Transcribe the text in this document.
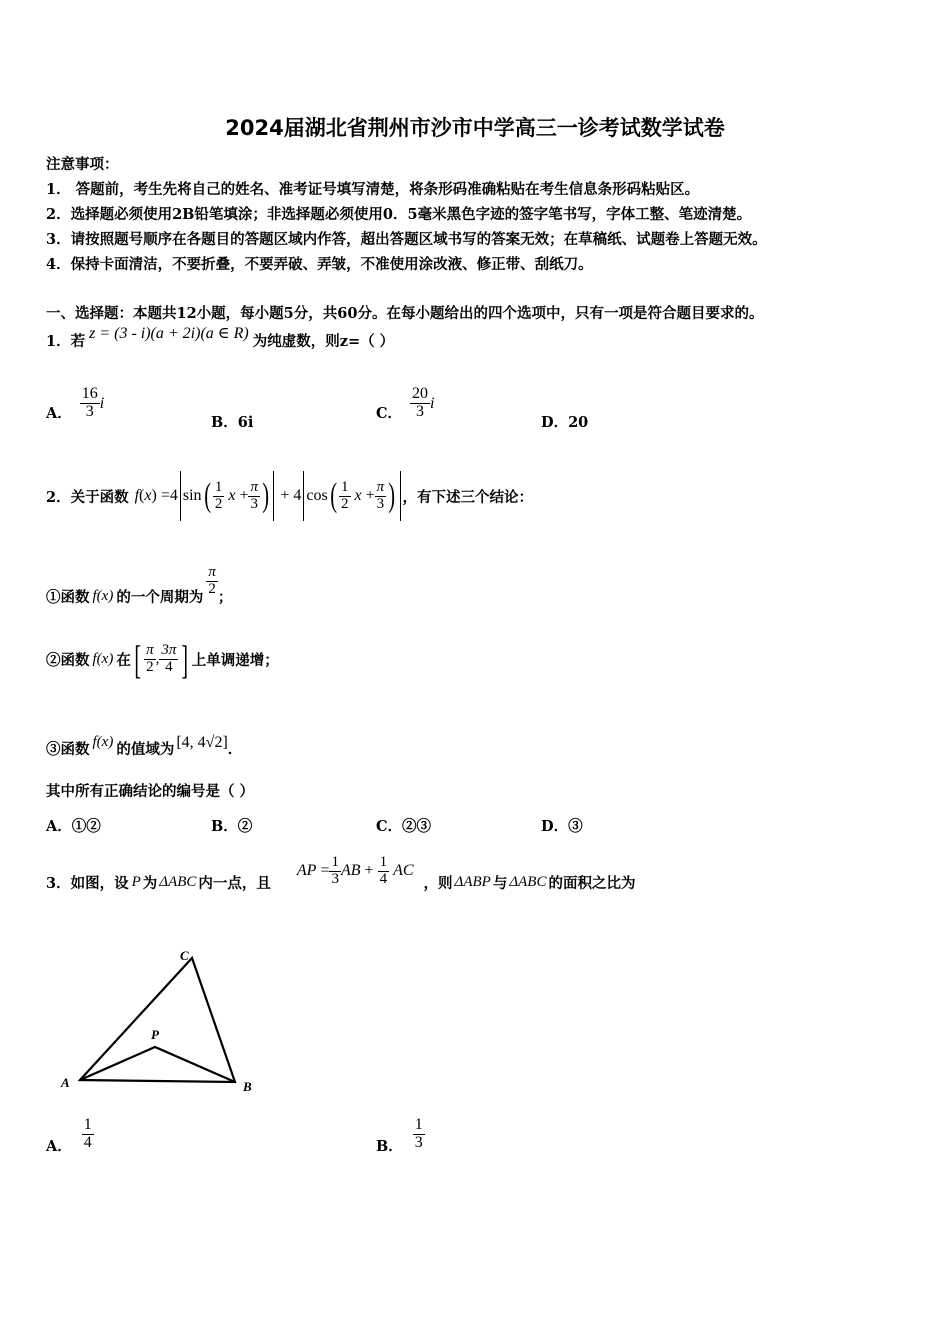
2024届湖北省荆州市沙市中学高三一诊考试数学试卷
注意事项：
1． 答题前，考生先将自己的姓名、准考证号填写清楚，将条形码准确粘贴在考生信息条形码粘贴区。
2．选择题必须使用2B铅笔填涂；非选择题必须使用0．5毫米黑色字迹的签字笔书写，字体工整、笔迹清楚。
3．请按照题号顺序在各题目的答题区域内作答，超出答题区域书写的答案无效；在草稿纸、试题卷上答题无效。
4．保持卡面清洁，不要折叠，不要弄破、弄皱，不准使用涂改液、修正带、刮纸刀。
一、选择题：本题共12小题，每小题5分，共60分。在每小题给出的四个选项中，只有一项是符合题目要求的。
1．若 z = (3 - i)(a + 2i)(a ∈ R) 为纯虚数，则z=（ ）
A． $\frac{16}{3}$ i
B．6i
C． $\frac{20}{3}$ i
D．20
2．关于函数 f ( x ) =4 sin ( $\frac{1}{2}$ $x + \frac{\pi}{3}$ ) + 4 cos ( $\frac{1}{2}$ $x + \frac{\pi}{3}$ ) ，有下述三个结论：
①函数 f(x) 的一个周期为 $\frac{\pi}{2}$ ；
②函数 f(x) 在 [ $\frac{\pi}{2}$ , $\frac{3\pi}{4}$ ] 上单调递增；
③函数 f(x) 的值域为 [4, 4√2] ．
其中所有正确结论的编号是（ ）
A．①②	B．②	C．②③	D．③
3．如图，设 P 为 ΔABC 内一点，且
AP = $\frac{1}{3}$ AB + $\frac{1}{4}$
AC
，则 ΔABP 与 ΔABC 的面积之比为
A	B
C
P
A． $\frac{1}{4}$	B． $\frac{1}{3}$
